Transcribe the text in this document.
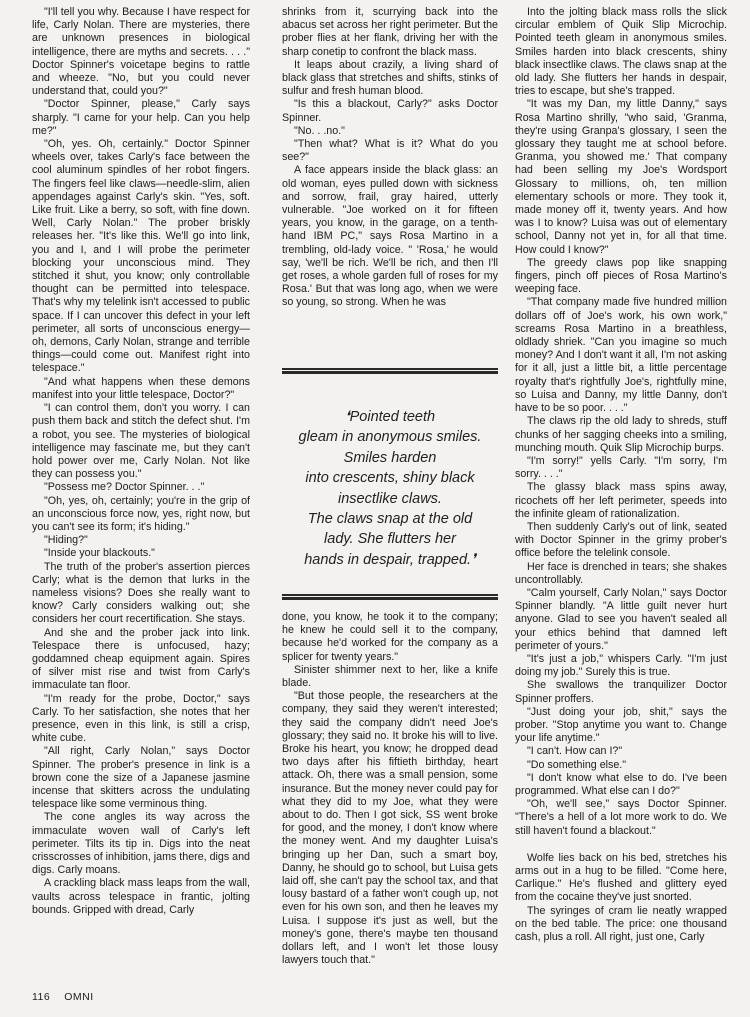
"I'll tell you why. Because I have respect for life, Carly Nolan. There are mysteries, there are unknown presences in biological intelligence, there are myths and secrets. . . ." Doctor Spinner's voicetape begins to rattle and wheeze. "No, but you could never understand that, could you?"

"Doctor Spinner, please," Carly says sharply. "I came for your help. Can you help me?"

"Oh, yes. Oh, certainly." Doctor Spinner wheels over, takes Carly's face between the cool aluminum spindles of her robot fingers. The fingers feel like claws—needle-slim, alien appendages against Carly's skin. "Yes, soft. Like fruit. Like a berry, so soft, with fine down. Well, Carly Nolan." The prober briskly releases her. "It's like this. We'll go into link, you and I, and I will probe the perimeter blocking your unconscious mind. They stitched it shut, you know; only controllable thought can be permitted into telespace. That's why my telelink isn't accessed to public space. If I can uncover this defect in your left perimeter, all sorts of unconscious energy—oh, demons, Carly Nolan, strange and terrible things—could come out. Manifest right into telespace."

"And what happens when these demons manifest into your little telespace, Doctor?"

"I can control them, don't you worry. I can push them back and stitch the defect shut. I'm a robot, you see. The mysteries of biological intelligence may fascinate me, but they can't hold power over me, Carly Nolan. Not like they can possess you."

"Possess me? Doctor Spinner. . ."

"Oh, yes, oh, certainly; you're in the grip of an unconscious force now, yes, right now, but you can't see its form; it's hiding."

"Hiding?"

"Inside your blackouts."

The truth of the prober's assertion pierces Carly; what is the demon that lurks in the nameless visions? Does she really want to know? Carly considers walking out; she considers her court recertification. She stays.

And she and the prober jack into link. Telespace there is unfocused, hazy; goddamned cheap equipment again. Spires of silver mist rise and twist from Carly's immaculate tan floor.

"I'm ready for the probe, Doctor," says Carly. To her satisfaction, she notes that her presence, even in this link, is still a crisp, white cube.

"All right, Carly Nolan," says Doctor Spinner. The prober's presence in link is a brown cone the size of a Japanese jasmine incense that skitters across the undulating telespace like some verminous thing.

The cone angles its way across the immaculate woven wall of Carly's left perimeter. Tilts its tip in. Digs into the neat crisscrosses of inhibition, jams there, digs and digs. Carly moans.

A crackling black mass leaps from the wall, vaults across telespace in frantic, jolting bounds. Gripped with dread, Carly

shrinks from it, scurrying back into the abacus set across her right perimeter. But the prober flies at her flank, driving her with the sharp conetip to confront the black mass.

It leaps about crazily, a living shard of black glass that stretches and shifts, stinks of sulfur and fresh human blood.

"Is this a blackout, Carly?" asks Doctor Spinner.

"No. . .no."

"Then what? What is it? What do you see?"

A face appears inside the black glass: an old woman, eyes pulled down with sickness and sorrow, frail, gray haired, utterly vulnerable. "Joe worked on it for fifteen years, you know, in the garage, on a tenth-hand IBM PC," says Rosa Martino in a trembling, old-lady voice. " 'Rosa,' he would say, 'we'll be rich. We'll be rich, and then I'll get roses, a whole garden full of roses for my Rosa.' But that was long ago, when we were so young, so strong. When he was

❛Pointed teeth
gleam in anonymous smiles.
Smiles harden
into crescents, shiny black
insectlike claws.
The claws snap at the old
lady. She flutters her
hands in despair, trapped.❜

done, you know, he took it to the company; he knew he could sell it to the company, because he'd worked for the company as a splicer for twenty years."

Sinister shimmer next to her, like a knife blade.

"But those people, the researchers at the company, they said they weren't interested; they said the company didn't need Joe's glossary; they said no. It broke his will to live. Broke his heart, you know; he dropped dead two days after his fiftieth birthday, heart attack. Oh, there was a small pension, some insurance. But the money never could pay for what they did to my Joe, what they were about to do. Then I got sick, SS went broke for good, and the money, I don't know where the money went. And my daughter Luisa's bringing up her Dan, such a smart boy, Danny, he should go to school, but Luisa gets laid off, she can't pay the school tax, and that lousy bastard of a father won't cough up, not even for his own son, and then he leaves my Luisa. I suppose it's just as well, but the money's gone, there's maybe ten thousand dollars left, and I won't let those lousy lawyers touch that."

Into the jolting black mass rolls the slick circular emblem of Quik Slip Microchip. Pointed teeth gleam in anonymous smiles. Smiles harden into black crescents, shiny black insectlike claws. The claws snap at the old lady. She flutters her hands in despair, tries to escape, but she's trapped.

"It was my Dan, my little Danny," says Rosa Martino shrilly, "who said, 'Granma, they're using Granpa's glossary, I seen the glossary they taught me at school before. Granma, you showed me.' That company had been selling my Joe's Wordsport Glossary to millions, oh, ten million elementary schools or more. They took it, made money off it, twenty years. And how was I to know? Luisa was out of elementary school, Danny not yet in, for all that time. How could I know?"

The greedy claws pop like snapping fingers, pinch off pieces of Rosa Martino's weeping face.

"That company made five hundred million dollars off of Joe's work, his own work," screams Rosa Martino in a breathless, oldlady shriek. "Can you imagine so much money? And I don't want it all, I'm not asking for it all, just a little bit, a little percentage royalty that's rightfully Joe's, rightfully mine, so Luisa and Danny, my little Danny, don't have to be so poor. . . ."

The claws rip the old lady to shreds, stuff chunks of her sagging cheeks into a smiling, munching mouth. Quik Slip Microchip burps.

"I'm sorry!" yells Carly. "I'm sorry, I'm sorry. . . ."

The glassy black mass spins away, ricochets off her left perimeter, speeds into the infinite gleam of rationalization.

Then suddenly Carly's out of link, seated with Doctor Spinner in the grimy prober's office before the telelink console.

Her face is drenched in tears; she shakes uncontrollably.

"Calm yourself, Carly Nolan," says Doctor Spinner blandly. "A little guilt never hurt anyone. Glad to see you haven't sealed all your ethics behind that damned left perimeter of yours."

"It's just a job," whispers Carly. "I'm just doing my job." Surely this is true.

She swallows the tranquilizer Doctor Spinner proffers.

"Just doing your job, shit," says the prober. "Stop anytime you want to. Change your life anytime."

"I can't. How can I?"

"Do something else."

"I don't know what else to do. I've been programmed. What else can I do?"

"Oh, we'll see," says Doctor Spinner. "There's a hell of a lot more work to do. We still haven't found a blackout."

Wolfe lies back on his bed, stretches his arms out in a hug to be filled. "Come here, Carlique." He's flushed and glittery eyed from the cocaine they've just snorted.

The syringes of cram lie neatly wrapped on the bed table. The price: one thousand cash, plus a roll. All right, just one, Carly

116 OMNI
